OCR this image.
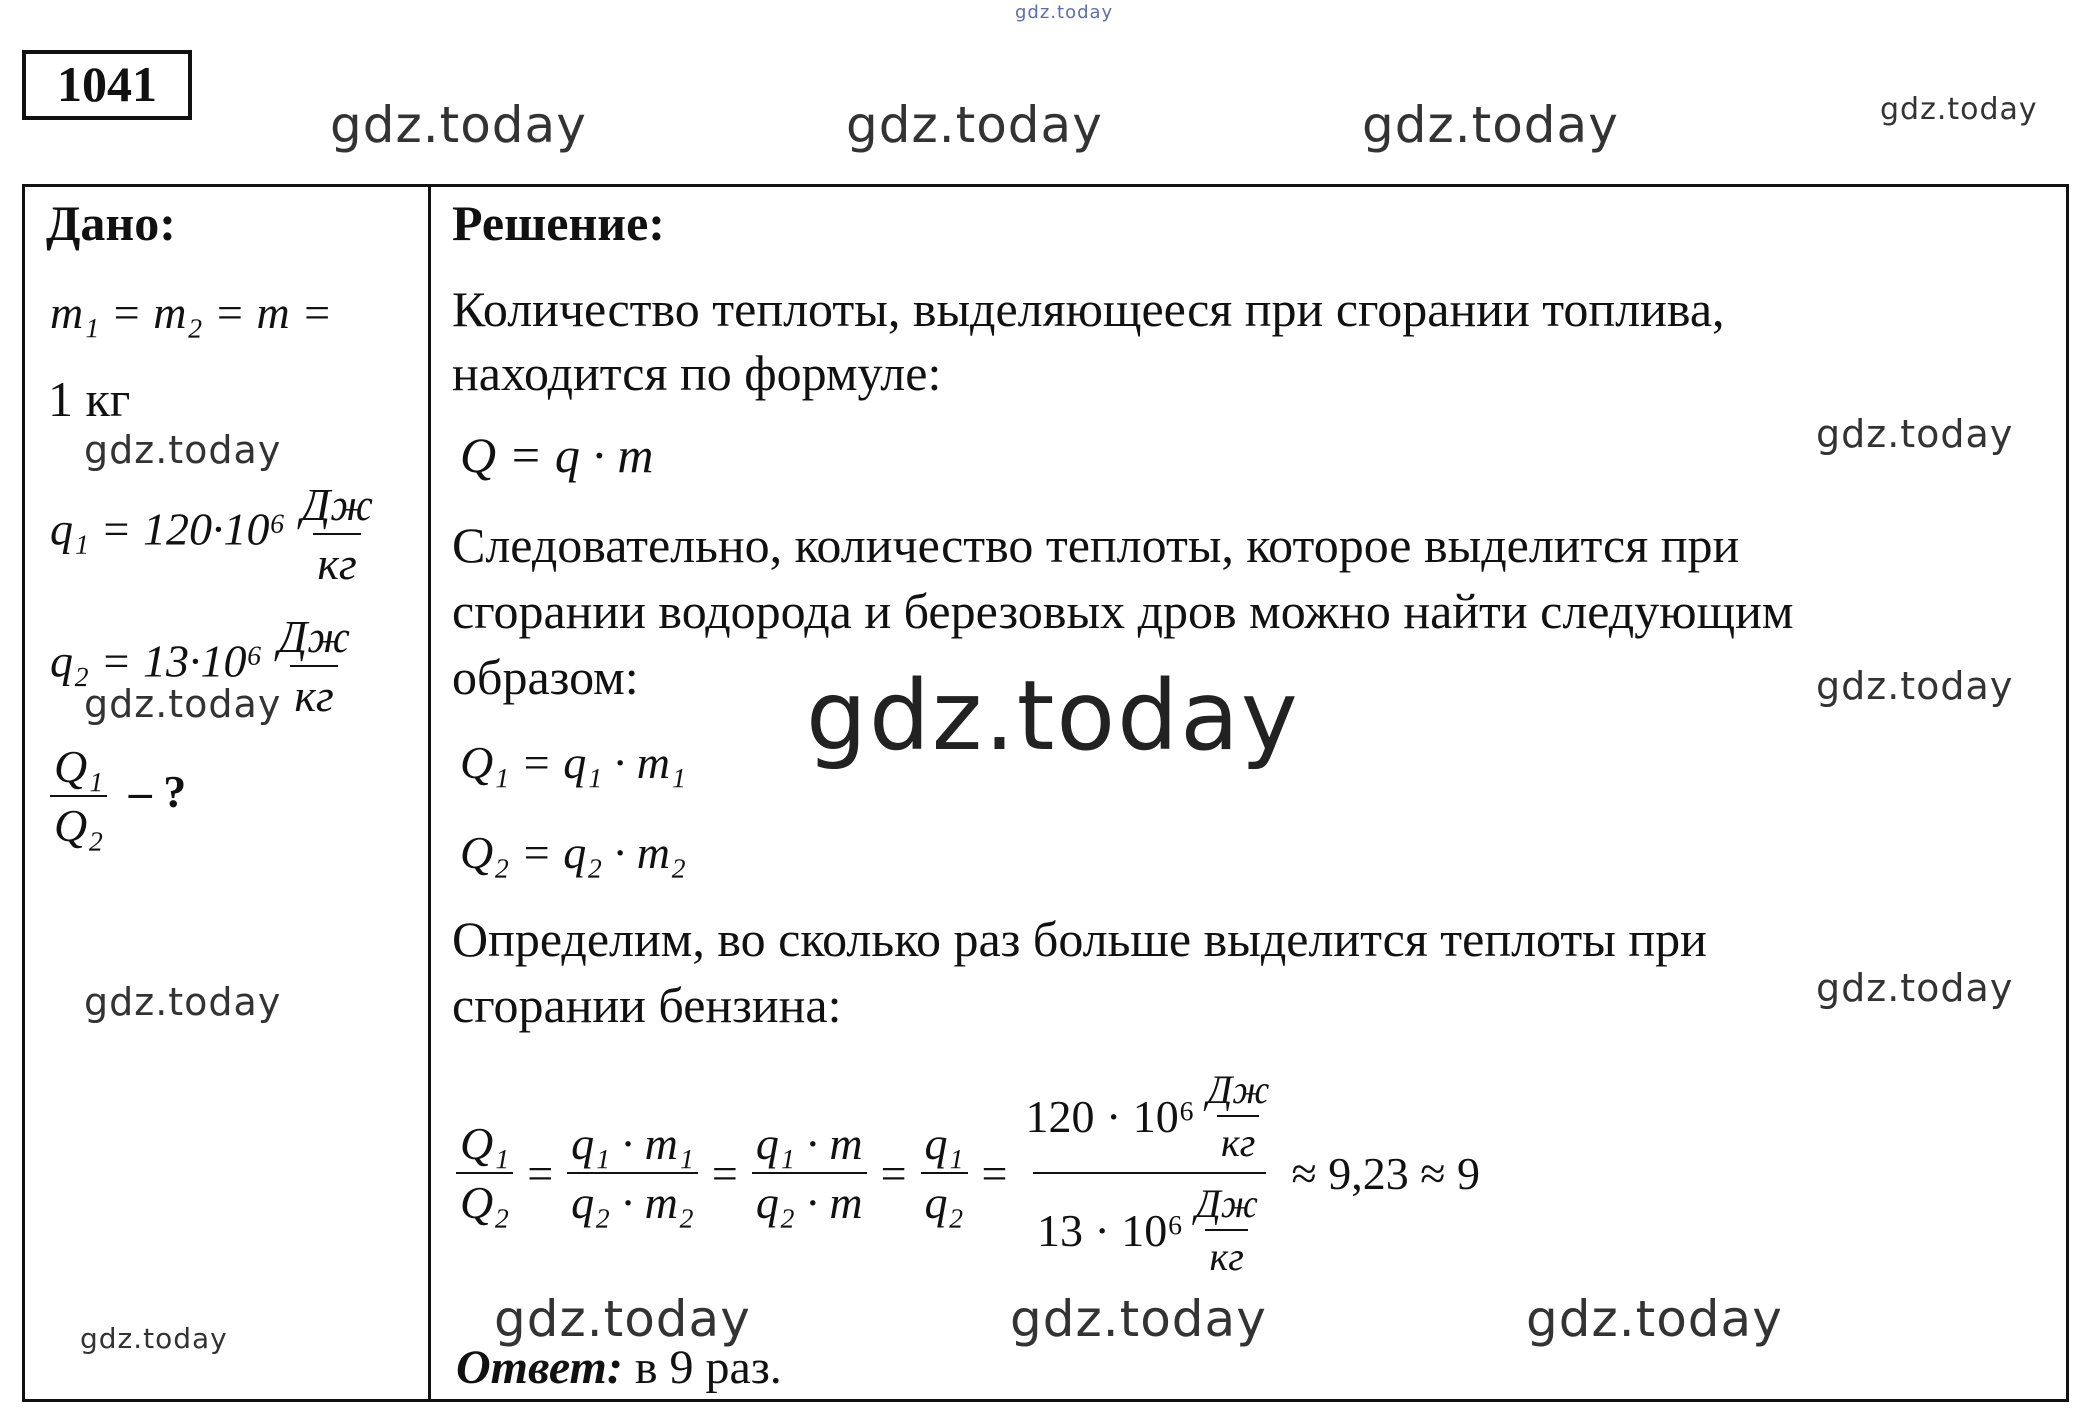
gdz.today
gdz.today	gdz.today	gdz.today	gdz.today
1041
Дано:
m₁ = m₂ = m =
1 кг
gdz.today
$q_1 = 120\cdot 10^6 \frac{Дж}{кг}$
$q_2 = 13\cdot 10^6 \frac{Дж}{кг}$
gdz.today
$\frac{\text{Q₁}}{\text{Q₂}}$ – ?
gdz.today
gdz.today
Решение:
Количество теплоты, выделяющееся при сгорании топлива,
находится по формуле:
Q = q · m	gdz.today
Следовательно, количество теплоты, которое выделится при
сгорании водорода и березовых дров можно найти следующим
образом:	gdz.today
gdz.today
Q₁ = q₁ · m₁
Q₂ = q₂ · m₂
Определим, во сколько раз больше выделится теплоты при
сгорании бензина:	gdz.today
$\frac{\text{Q₁}}{\text{Q₂}} = \frac{\text{q₁ · m₁}}{\text{q₂ · m₂}} = \frac{\text{q₁ · m}}{\text{q₂ · m}} = \frac{\text{q₁}}{\text{q₂}} = \frac{120 \cdot 10^6 \frac{Дж}{кг}}{13 \cdot 10^6 \frac{Дж}{кг}} \approx 9,23 \approx 9$
gdz.today	gdz.today	gdz.today
Ответ: в 9 раз.
